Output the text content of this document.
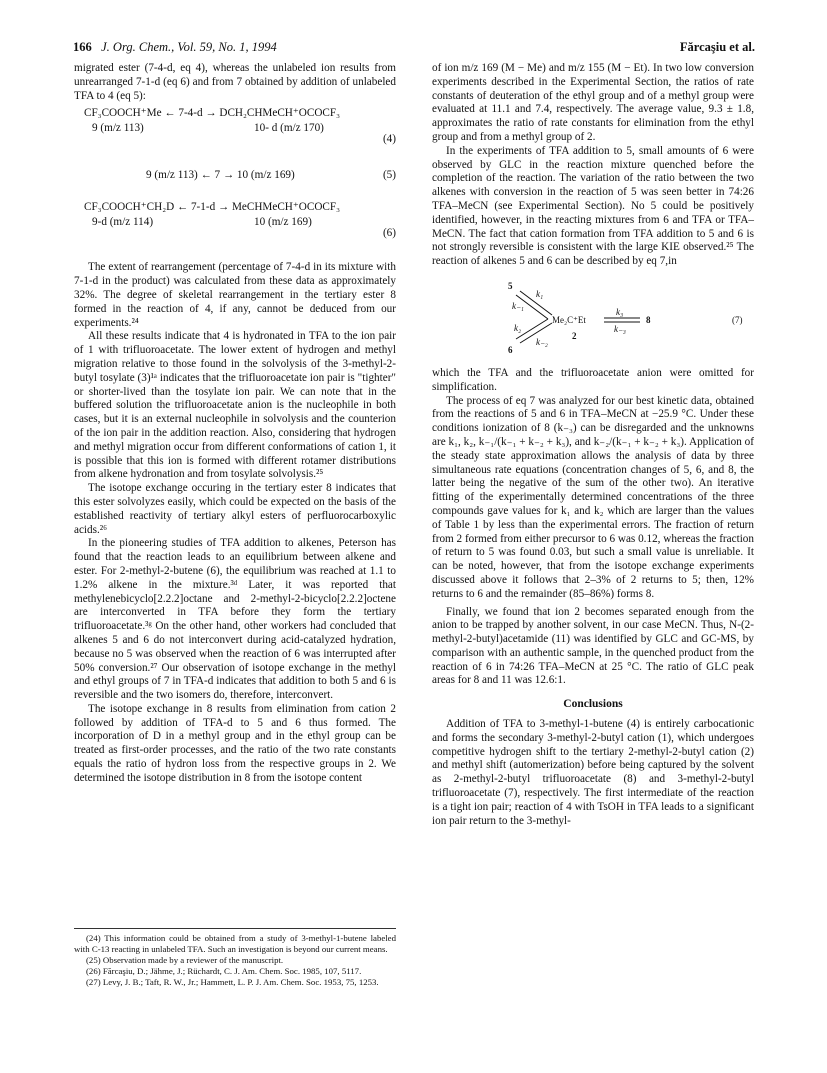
166 J. Org. Chem., Vol. 59, No. 1, 1994	Fărcaşiu et al.

migrated ester (7-4-d, eq 4), whereas the unlabeled ion results from unrearranged 7-1-d (eq 6) and from 7 obtained by addition of unlabeled TFA to 4 (eq 5):

CF₃COOCH⁺Me ← 7-4-d → DCH₂CHMeCH⁺OCOCF₃
9 (m/z 113)	10- d (m/z 170)
(4)
9 (m/z 113) ← 7 → 10 (m/z 169)	(5)
CF₃COOCH⁺CH₂D ← 7-1-d → MeCHMeCH⁺OCOCF₃
9-d (m/z 114)	10 (m/z 169)
(6)

The extent of rearrangement (percentage of 7-4-d in its mixture with 7-1-d in the product) was calculated from these data as approximately 32%. The degree of skeletal rearrangement in the tertiary ester 8 formed in the reaction of 4, if any, cannot be deduced from our experiments.²⁴

All these results indicate that 4 is hydronated in TFA to the ion pair of 1 with trifluoroacetate. The lower extent of hydrogen and methyl migration relative to those found in the solvolysis of the 3-methyl-2-butyl tosylate (3)¹ᵃ indicates that the trifluoroacetate ion pair is "tighter" or shorter-lived than the tosylate ion pair. We can note that in the buffered solution the trifluoroacetate anion is the nucleophile in both cases, but it is an external nucleophile in solvolysis and the counterion of the ion pair in the addition reaction. Also, considering that hydrogen and methyl migration occur from different conformations of cation 1, it is possible that this ion is formed with different rotamer distributions from alkene hydronation and from tosylate solvolysis.²⁵

The isotope exchange occuring in the tertiary ester 8 indicates that this ester solvolyzes easily, which could be expected on the basis of the established reactivity of tertiary alkyl esters of perfluorocarboxylic acids.²⁶

In the pioneering studies of TFA addition to alkenes, Peterson has found that the reaction leads to an equilibrium between alkene and ester. For 2-methyl-2-butene (6), the equilibrium was reached at 1.1 to 1.2% alkene in the mixture.³ᵈ Later, it was reported that methylenebicyclo[2.2.2]octane and 2-methyl-2-bicyclo[2.2.2]octene are interconverted in TFA before they form the tertiary trifluoroacetate.³ᵍ On the other hand, other workers had concluded that alkenes 5 and 6 do not interconvert during acid-catalyzed hydration, because no 5 was observed when the reaction of 6 was interrupted after 50% conversion.²⁷ Our observation of isotope exchange in the methyl and ethyl groups of 7 in TFA-d indicates that addition to both 5 and 6 is reversible and the two isomers do, therefore, interconvert.

The isotope exchange in 8 results from elimination from cation 2 followed by addition of TFA-d to 5 and 6 thus formed. The incorporation of D in a methyl group and in the ethyl group can be treated as first-order processes, and the ratio of the two rate constants equals the ratio of hydron loss from the respective groups in 2. We determined the isotope distribution in 8 from the isotope content

(24) This information could be obtained from a study of 3-methyl-1-butene labeled with C-13 reacting in unlabeled TFA. Such an investigation is beyond our current means.

(25) Observation made by a reviewer of the manuscript.

(26) Fărcaşiu, D.; Jähme, J.; Rüchardt, C. J. Am. Chem. Soc. 1985, 107, 5117.

(27) Levy, J. B.; Taft, R. W., Jr.; Hammett, L. P. J. Am. Chem. Soc. 1953, 75, 1253.

of ion m/z 169 (M − Me) and m/z 155 (M − Et). In two low conversion experiments described in the Experimental Section, the ratios of rate constants of deuteration of the ethyl group and of a methyl group were evaluated at 11.1 and 7.4, respectively. The average value, 9.3 ± 1.8, approximates the ratio of rate constants for elimination from the ethyl group and from a methyl group of 2.

In the experiments of TFA addition to 5, small amounts of 6 were observed by GLC in the reaction mixture quenched before the completion of the reaction. The variation of the ratio between the two alkenes with conversion in the reaction of 5 was seen better in 74:26 TFA–MeCN (see Experimental Section). No 5 could be positively identified, however, in the reacting mixtures from 6 and TFA or TFA–MeCN. The fact that cation formation from TFA addition to 5 and 6 is not strongly reversible is consistent with the large KIE observed.²⁵ The reaction of alkenes 5 and 6 can be described by eq 7,in

5
6
Me₂C⁺Et
2
8
k₁
k₋₁
k₂
k₋₂
k₃
k₋₃
(7)

which the TFA and the trifluoroacetate anion were omitted for simplification.

The process of eq 7 was analyzed for our best kinetic data, obtained from the reactions of 5 and 6 in TFA–MeCN at −25.9 °C. Under these conditions ionization of 8 (k₋₃) can be disregarded and the unknowns are k₁, k₂, k₋₁/(k₋₁ + k₋₂ + k₃), and k₋₂/(k₋₁ + k₋₂ + k₃). Application of the steady state approximation allows the analysis of data by three simultaneous rate equations (concentration changes of 5, 6, and 8, the latter being the negative of the sum of the other two). An iterative fitting of the experimentally determined concentrations of the three compounds gave values for k₁ and k₂ which are larger than the values of Table 1 by less than the experimental errors. The fraction of return from 2 formed from either precursor to 6 was 0.12, whereas the fraction of return to 5 was found 0.03, but such a small value is unreliable. It can be noted, however, that from the isotope exchange experiments discussed above it follows that 2–3% of 2 returns to 5; then, 12% returns to 6 and the remainder (85–86%) forms 8.

Finally, we found that ion 2 becomes separated enough from the anion to be trapped by another solvent, in our case MeCN. Thus, N-(2-methyl-2-butyl)acetamide (11) was identified by GLC and GC-MS, by comparison with an authentic sample, in the quenched product from the reaction of 6 in 74:26 TFA–MeCN at 25 °C. The ratio of GLC peak areas for 8 and 11 was 12.6:1.

Conclusions

Addition of TFA to 3-methyl-1-butene (4) is entirely carbocationic and forms the secondary 3-methyl-2-butyl cation (1), which undergoes competitive hydrogen shift to the tertiary 2-methyl-2-butyl cation (2) and methyl shift (automerization) before being captured by the solvent as 2-methyl-2-butyl trifluoroacetate (8) and 3-methyl-2-butyl trifluoroacetate (7), respectively. The first intermediate of the reaction is a tight ion pair; reaction of 4 with TsOH in TFA leads to a significant ion pair return to the 3-methyl-
